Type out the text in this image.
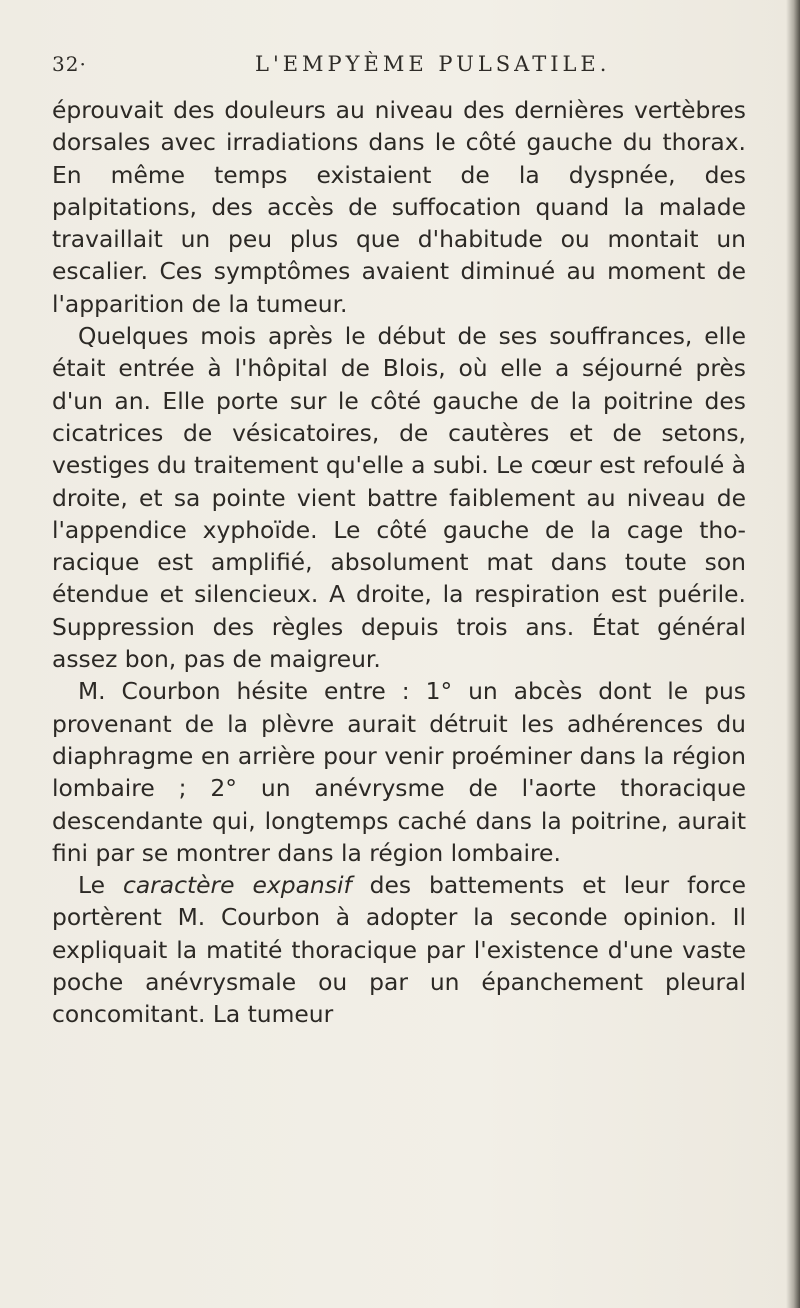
32·	L'EMPYÈME PULSATILE.

éprouvait des douleurs au niveau des dernières vertèbres dorsales avec irradiations dans le côté gauche du thorax. En même temps existaient de la dyspnée, des palpitations, des accès de suffocation quand la malade travaillait un peu plus que d'habitude ou montait un escalier. Ces symptômes avaient diminué au moment de l'apparition de la tumeur.

Quelques mois après le début de ses souffrances, elle était entrée à l'hôpital de Blois, où elle a séjourné près d'un an. Elle porte sur le côté gauche de la poitrine des cicatrices de vésicatoires, de cautères et de setons, vestiges du traitement qu'elle a subi. Le cœur est refoulé à droite, et sa pointe vient battre faiblement au niveau de l'appendice xyphoïde. Le côté gauche de la cage thoracique est amplifié, absolument mat dans toute son étendue et silencieux. A droite, la respiration est puérile. Suppression des règles depuis trois ans. État général assez bon, pas de maigreur.

M. Courbon hésite entre : 1° un abcès dont le pus provenant de la plèvre aurait détruit les adhérences du diaphragme en arrière pour venir proéminer dans la région lombaire ; 2° un anévrysme de l'aorte thoracique descendante qui, longtemps caché dans la poitrine, aurait fini par se montrer dans la région lombaire.

Le caractère expansif des battements et leur force portèrent M. Courbon à adopter la seconde opinion. Il expliquait la matité thoracique par l'existence d'une vaste poche anévrysmale ou par un épanchement pleural concomitant. La tumeur
